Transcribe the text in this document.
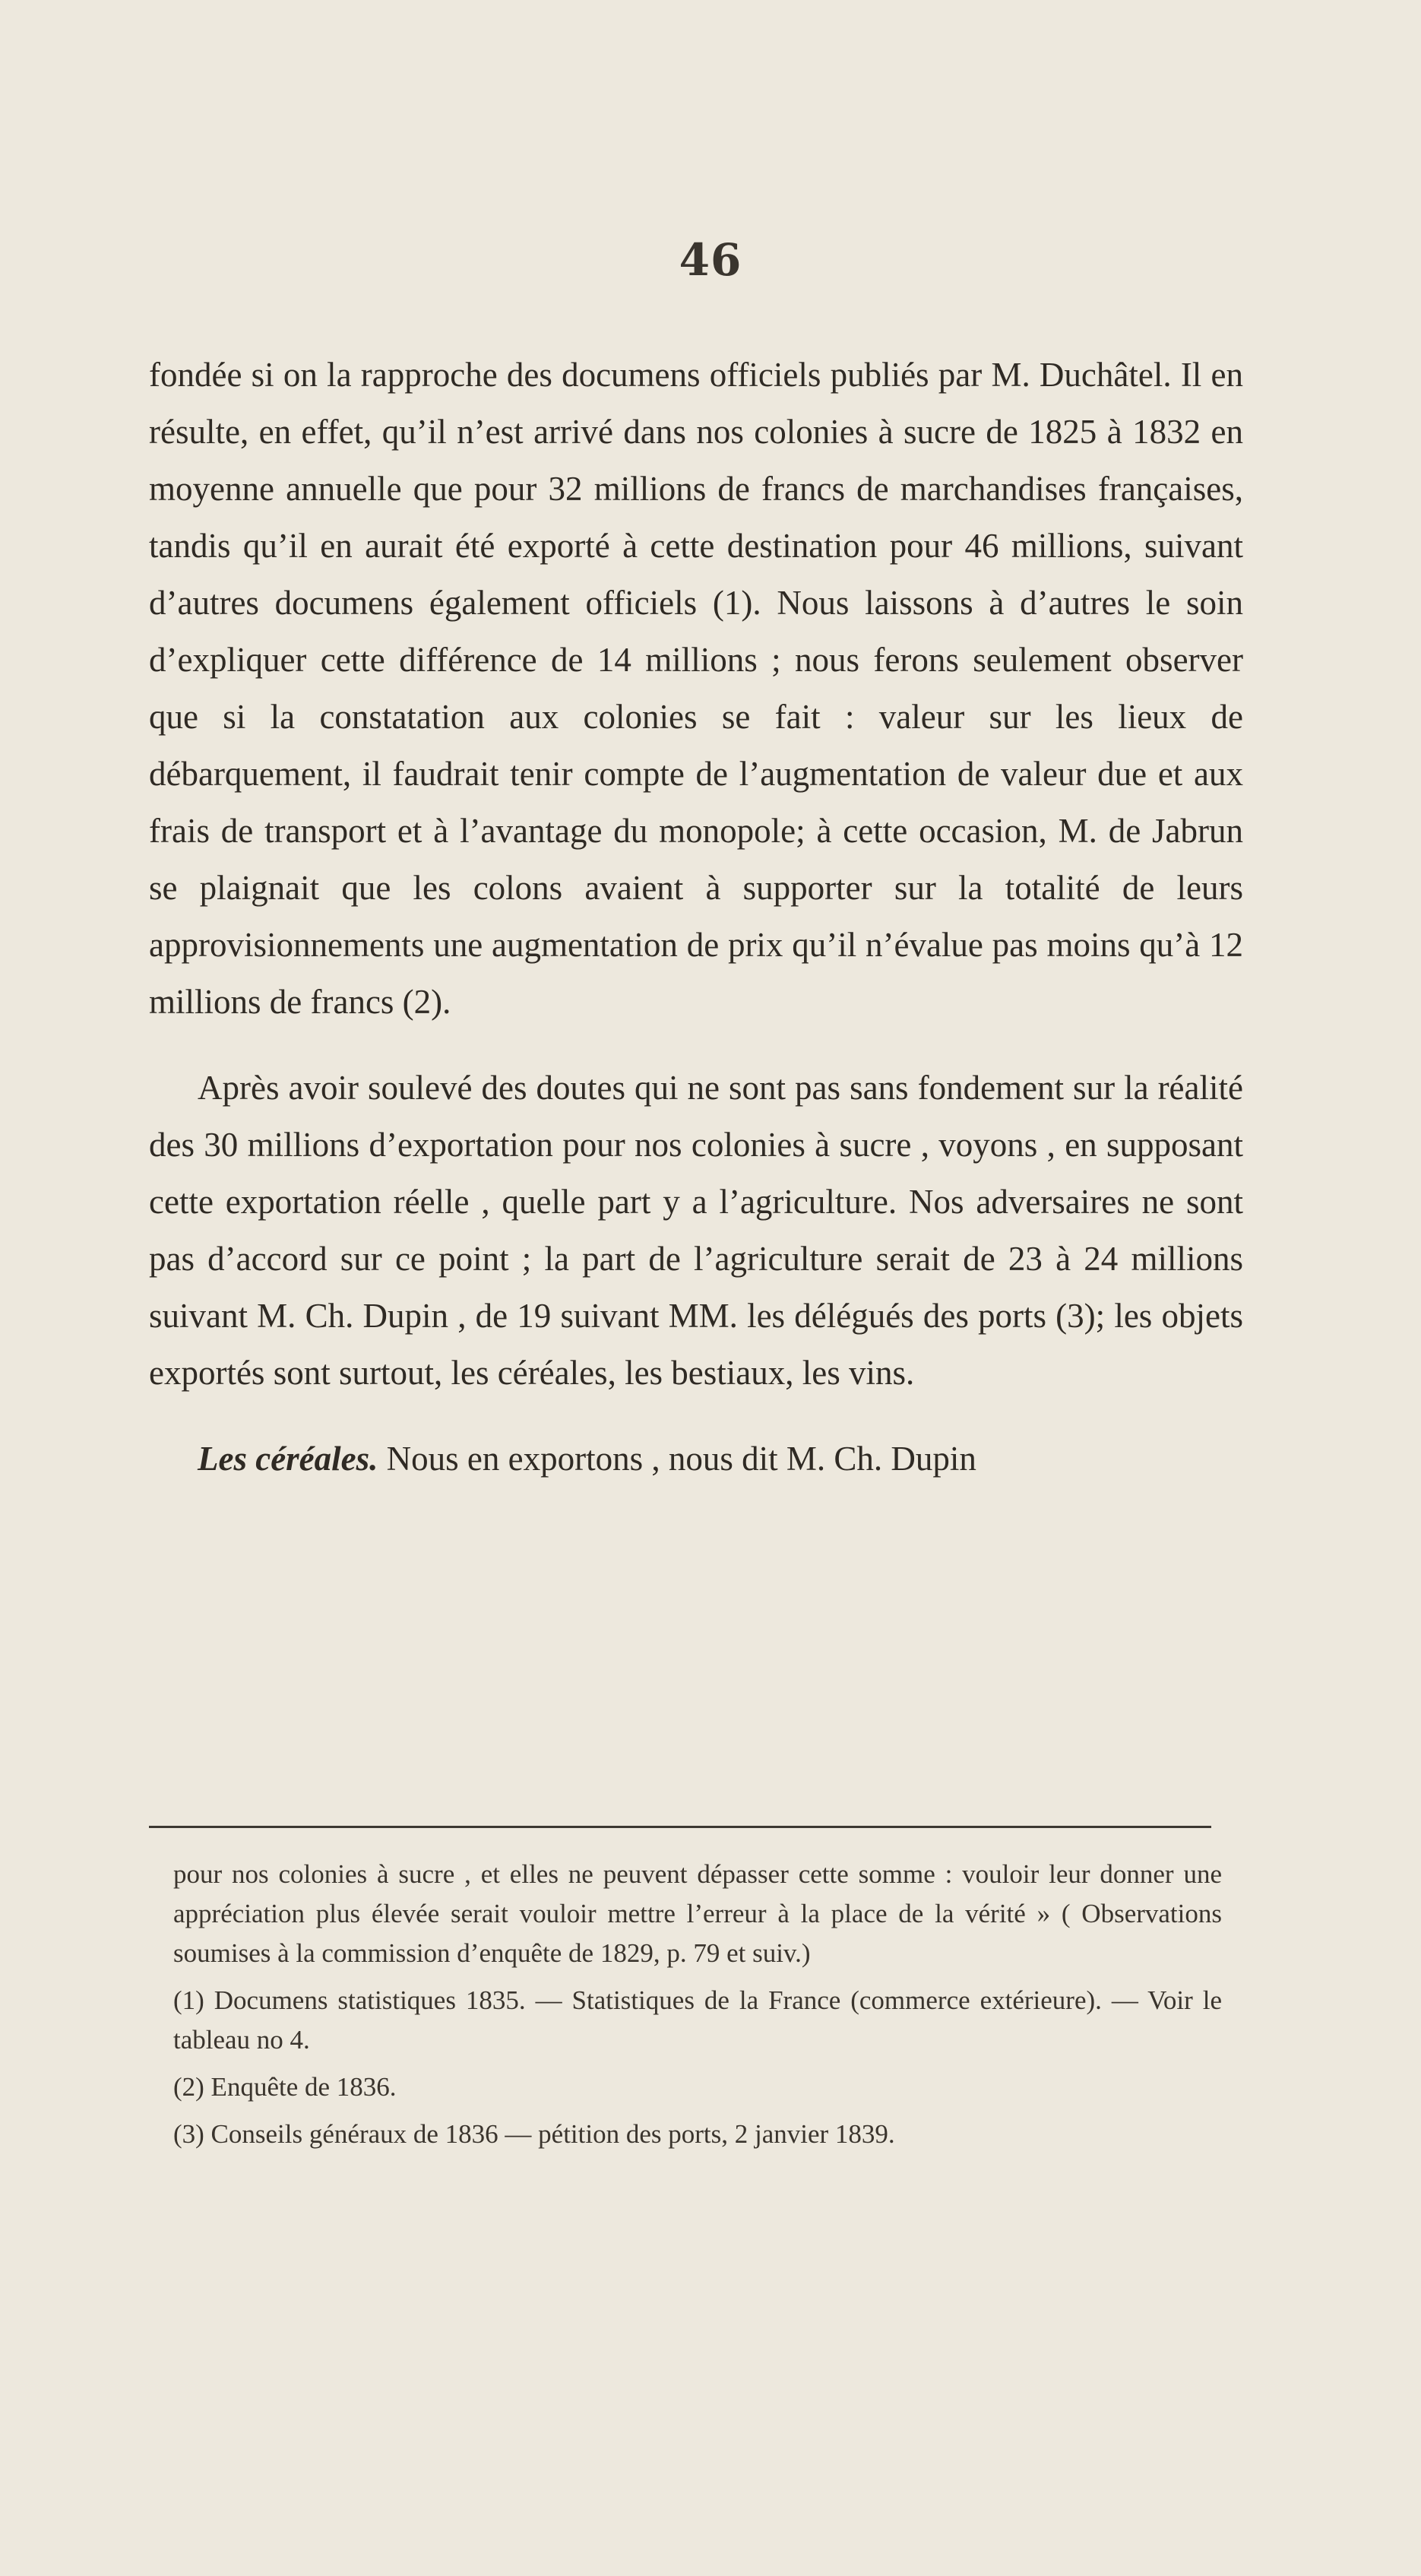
46

fondée si on la rapproche des documens officiels publiés par M. Duchâtel. Il en résulte, en effet, qu’il n’est arrivé dans nos colonies à sucre de 1825 à 1832 en moyenne annuelle que pour 32 millions de francs de marchandises françaises, tandis qu’il en aurait été exporté à cette destination pour 46 millions, suivant d’autres documens également officiels (1). Nous laissons à d’autres le soin d’expliquer cette différence de 14 millions ; nous ferons seulement observer que si la constatation aux colonies se fait : valeur sur les lieux de débarquement, il faudrait tenir compte de l’augmentation de valeur due et aux frais de transport et à l’avantage du monopole; à cette occasion, M. de Jabrun se plaignait que les colons avaient à supporter sur la totalité de leurs approvisionnements une augmentation de prix qu’il n’évalue pas moins qu’à 12 millions de francs (2).

Après avoir soulevé des doutes qui ne sont pas sans fondement sur la réalité des 30 millions d’exportation pour nos colonies à sucre , voyons , en supposant cette exportation réelle , quelle part y a l’agriculture. Nos adversaires ne sont pas d’accord sur ce point ; la part de l’agriculture serait de 23 à 24 millions suivant M. Ch. Dupin , de 19 suivant MM. les délégués des ports (3); les objets exportés sont surtout, les céréales, les bestiaux, les vins.

Les céréales. Nous en exportons , nous dit M. Ch. Dupin

pour nos colonies à sucre , et elles ne peuvent dépasser cette somme : vouloir leur donner une appréciation plus élevée serait vouloir mettre l’erreur à la place de la vérité » ( Observations soumises à la commission d’enquête de 1829, p. 79 et suiv.)

(1) Documens statistiques 1835. — Statistiques de la France (commerce extérieure). — Voir le tableau no 4.

(2) Enquête de 1836.

(3) Conseils généraux de 1836 — pétition des ports, 2 janvier 1839.
